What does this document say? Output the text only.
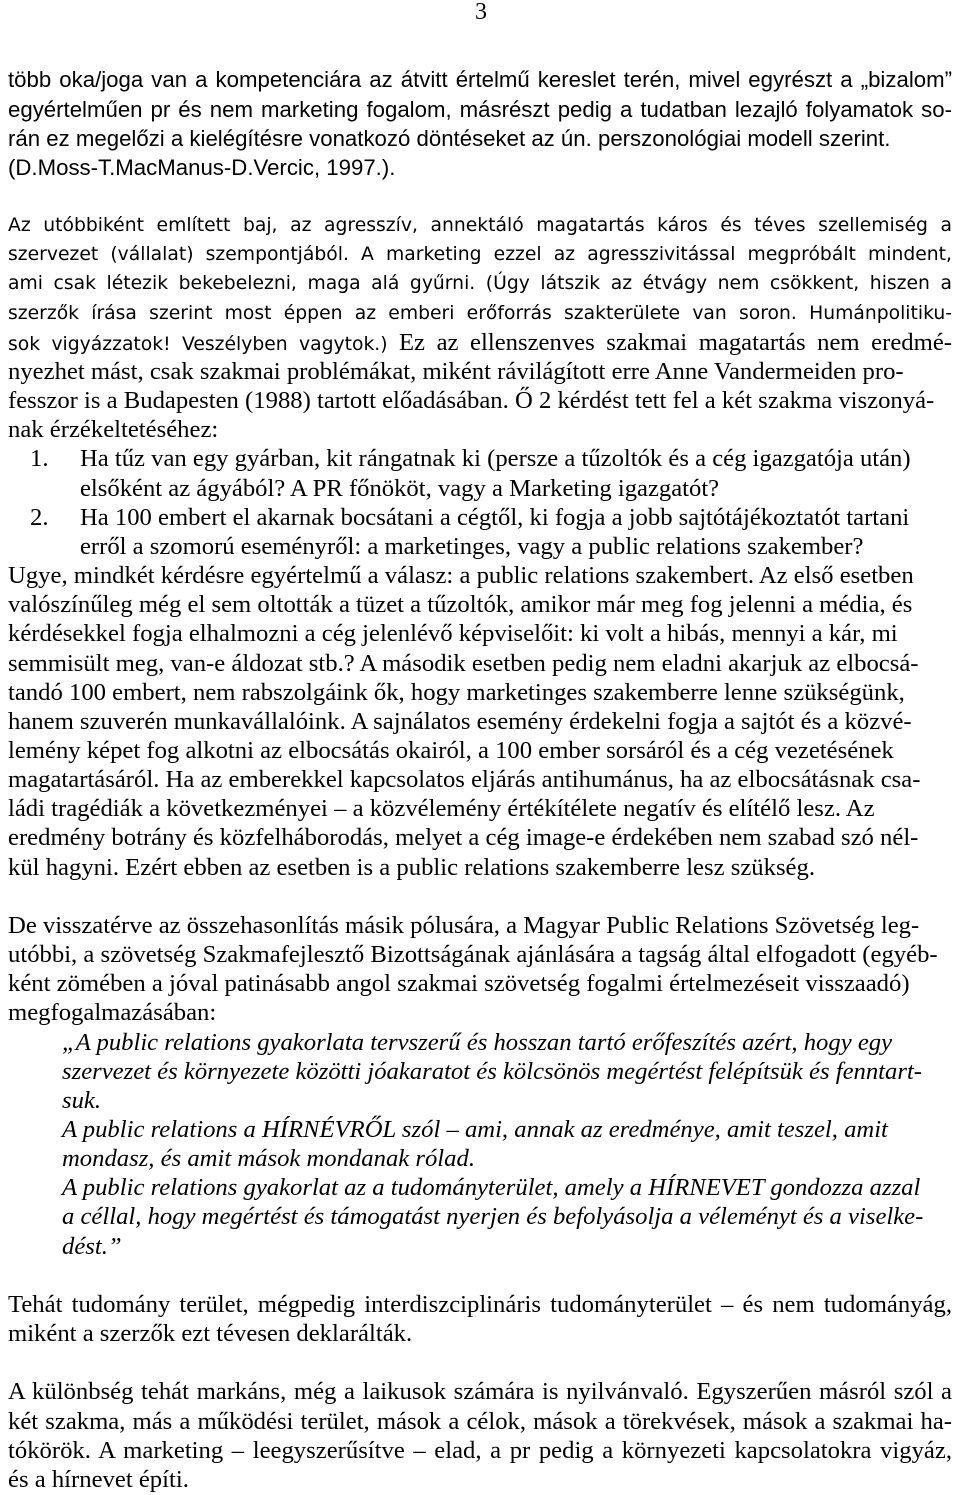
3
több oka/joga van a kompetenciára az átvitt értelmű kereslet terén, mivel egyrészt a „bizalom”
egyértelműen pr és nem marketing fogalom, másrészt pedig a tudatban lezajló folyamatok so-
rán ez megelőzi a kielégítésre vonatkozó döntéseket az ún. perszonológiai modell szerint.
(D.Moss-T.MacManus-D.Vercic, 1997.).
Az utóbbiként említett baj, az agresszív, annektáló magatartás káros és téves szellemiség a
szervezet (vállalat) szempontjából. A marketing ezzel az agresszivitással megpróbált mindent,
ami csak létezik bekebelezni, maga alá gyűrni. (Úgy látszik az étvágy nem csökkent, hiszen a
szerzők írása szerint most éppen az emberi erőforrás szakterülete van soron. Humánpolitiku-
sok vigyázzatok! Veszélyben vagytok.) Ez az ellenszenves szakmai magatartás nem eredmé-
nyezhet mást, csak szakmai problémákat, miként rávilágított erre Anne Vandermeiden pro-
fesszor is a Budapesten (1988) tartott előadásában. Ő 2 kérdést tett fel a két szakma viszonyá-
nak érzékeltetéséhez:
1. Ha tűz van egy gyárban, kit rángatnak ki (persze a tűzoltók és a cég igazgatója után)
elsőként az ágyából? A PR főnököt, vagy a Marketing igazgatót?
2. Ha 100 embert el akarnak bocsátani a cégtől, ki fogja a jobb sajtótájékoztatót tartani
erről a szomorú eseményről: a marketinges, vagy a public relations szakember?
Ugye, mindkét kérdésre egyértelmű a válasz: a public relations szakembert. Az első esetben
valószínűleg még el sem oltották a tüzet a tűzoltók, amikor már meg fog jelenni a média, és
kérdésekkel fogja elhalmozni a cég jelenlévő képviselőit: ki volt a hibás, mennyi a kár, mi
semmisült meg, van-e áldozat stb.? A második esetben pedig nem eladni akarjuk az elbocsá-
tandó 100 embert, nem rabszolgáink ők, hogy marketinges szakemberre lenne szükségünk,
hanem szuverén munkavállalóink. A sajnálatos esemény érdekelni fogja a sajtót és a közvé-
lemény képet fog alkotni az elbocsátás okairól, a 100 ember sorsáról és a cég vezetésének
magatartásáról. Ha az emberekkel kapcsolatos eljárás antihumánus, ha az elbocsátásnak csa-
ládi tragédiák a következményei – a közvélemény értékítélete negatív és elítélő lesz. Az
eredmény botrány és közfelháborodás, melyet a cég image-e érdekében nem szabad szó nél-
kül hagyni. Ezért ebben az esetben is a public relations szakemberre lesz szükség.
De visszatérve az összehasonlítás másik pólusára, a Magyar Public Relations Szövetség leg-
utóbbi, a szövetség Szakmafejlesztő Bizottságának ajánlására a tagság által elfogadott (egyéb-
ként zömében a jóval patinásabb angol szakmai szövetség fogalmi értelmezéseit visszaadó)
megfogalmazásában:
„A public relations gyakorlata tervszerű és hosszan tartó erőfeszítés azért, hogy egy
szervezet és környezete közötti jóakaratot és kölcsönös megértést felépítsük és fenntart-
suk.
A public relations a HÍRNÉVRŐL szól – ami, annak az eredménye, amit teszel, amit
mondasz, és amit mások mondanak rólad.
A public relations gyakorlat az a tudományterület, amely a HÍRNEVET gondozza azzal
a céllal, hogy megértést és támogatást nyerjen és befolyásolja a véleményt és a viselke-
dést.”
Tehát tudomány terület, mégpedig interdiszciplináris tudományterület – és nem tudományág,
miként a szerzők ezt tévesen deklarálták.
A különbség tehát markáns, még a laikusok számára is nyilvánvaló. Egyszerűen másról szól a
két szakma, más a működési terület, mások a célok, mások a törekvések, mások a szakmai ha-
tókörök. A marketing – leegyszerűsítve – elad, a pr pedig a környezeti kapcsolatokra vigyáz,
és a hírnevet építi.
